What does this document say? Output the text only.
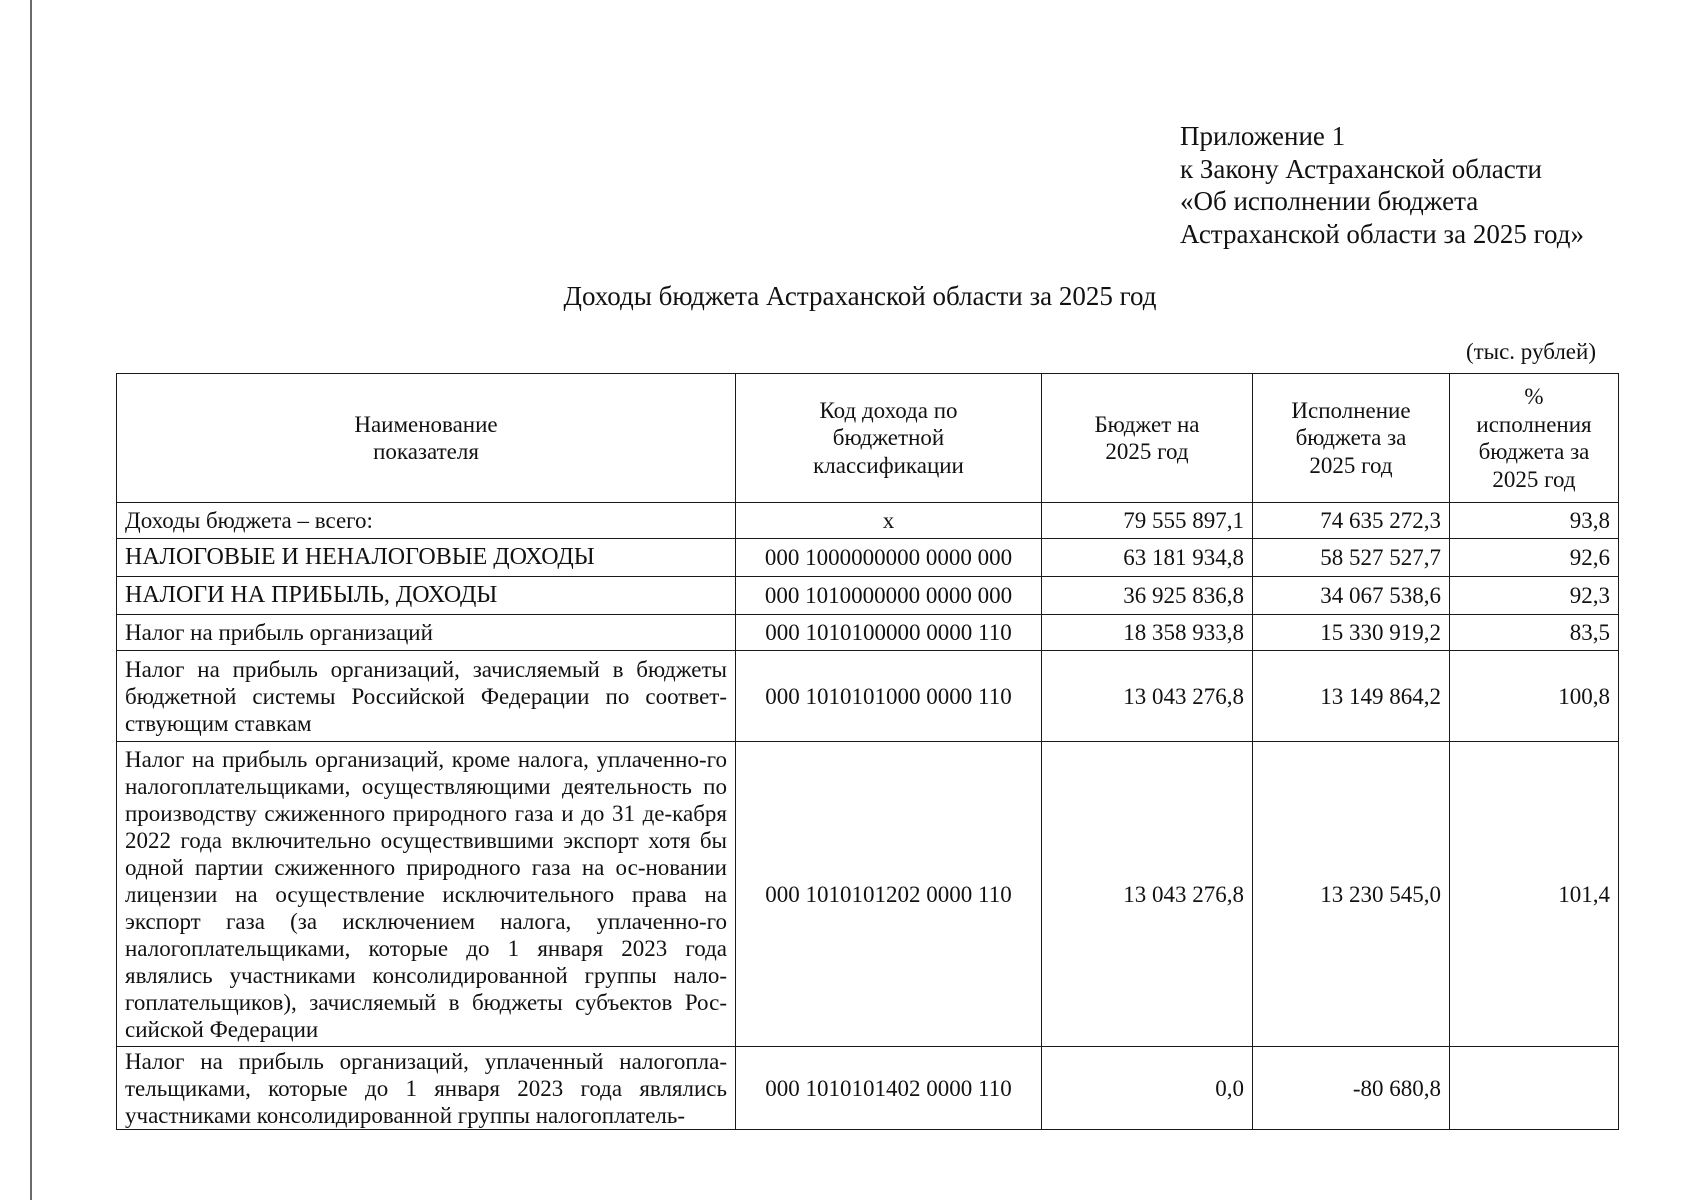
Приложение 1
к Закону Астраханской области
«Об исполнении бюджета
Астраханской области за 2025 год»
Доходы бюджета Астраханской области за 2025 год
(тыс. рублей)
Наименование показателя	Код дохода по бюджетной классификации	Бюджет на 2025 год	Исполнение бюджета за 2025 год	% исполнения бюджета за 2025 год
Доходы бюджета – всего:	х	79 555 897,1	74 635 272,3	93,8
НАЛОГОВЫЕ И НЕНАЛОГОВЫЕ ДОХОДЫ	000 1000000000 0000 000	63 181 934,8	58 527 527,7	92,6
НАЛОГИ НА ПРИБЫЛЬ, ДОХОДЫ	000 1010000000 0000 000	36 925 836,8	34 067 538,6	92,3
Налог на прибыль организаций	000 1010100000 0000 110	18 358 933,8	15 330 919,2	83,5
Налог на прибыль организаций, зачисляемый в бюджеты бюджетной системы Российской Федерации по соответ-ствующим ставкам	000 1010101000 0000 110	13 043 276,8	13 149 864,2	100,8
Налог на прибыль организаций, кроме налога, уплаченно-го налогоплательщиками, осуществляющими деятельность по производству сжиженного природного газа и до 31 де-кабря 2022 года включительно осуществившими экспорт хотя бы одной партии сжиженного природного газа на ос-новании лицензии на осуществление исключительного права на экспорт газа (за исключением налога, уплаченно-го налогоплательщиками, которые до 1 января 2023 года являлись участниками консолидированной группы нало-гоплательщиков), зачисляемый в бюджеты субъектов Рос-сийской Федерации	000 1010101202 0000 110	13 043 276,8	13 230 545,0	101,4
Налог на прибыль организаций, уплаченный налогопла-тельщиками, которые до 1 января 2023 года являлись участниками консолидированной группы налогоплатель-	000 1010101402 0000 110	0,0	-80 680,8	
